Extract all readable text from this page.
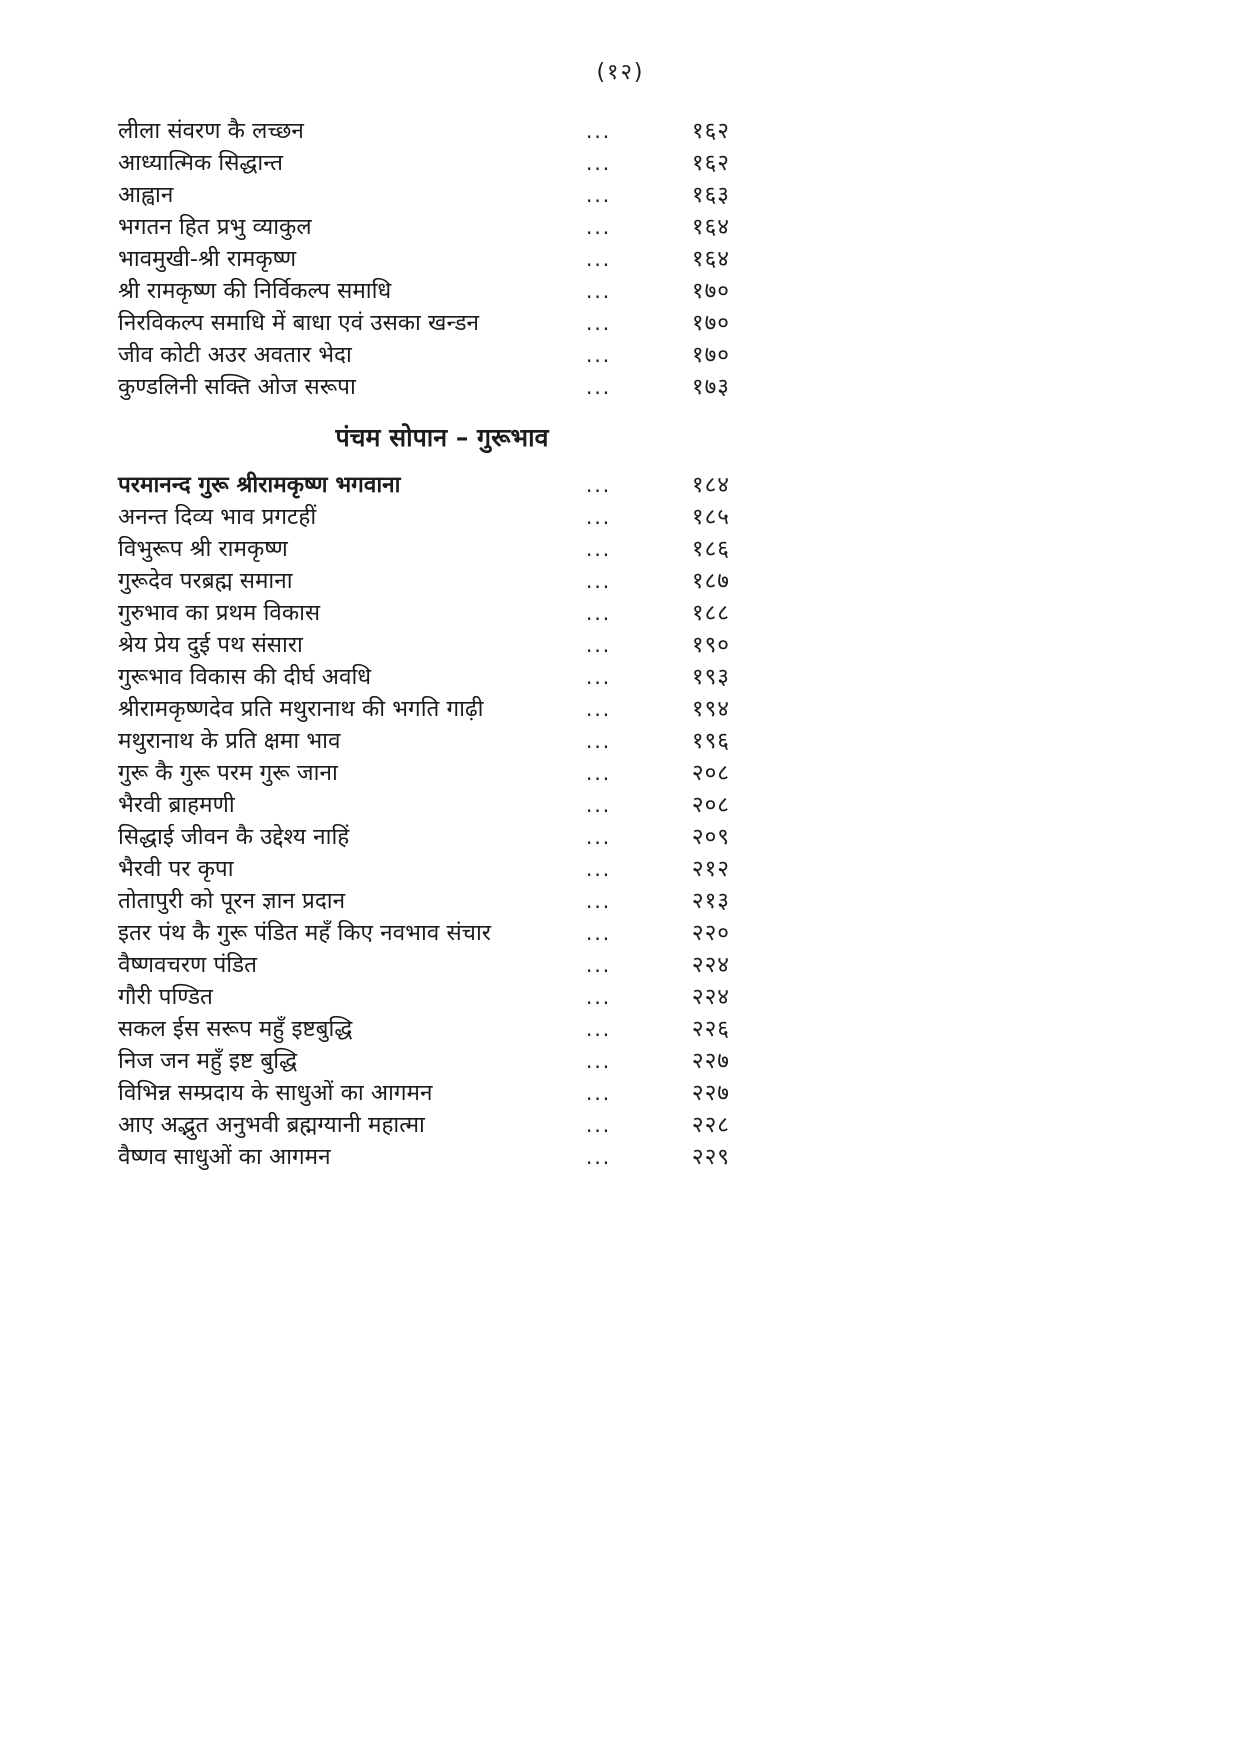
(१२)
लीला संवरण कै लच्छन	...	१६२
आध्यात्मिक सिद्धान्त	...	१६२
आह्वान	...	१६३
भगतन हित प्रभु व्याकुल	...	१६४
भावमुखी-श्री रामकृष्ण	...	१६४
श्री रामकृष्ण की निर्विकल्प समाधि	...	१७०
निरविकल्प समाधि में बाधा एवं उसका खन्डन	...	१७०
जीव कोटी अउर अवतार भेदा	...	१७०
कुण्डलिनी सक्ति ओज सरूपा	...	१७३
पंचम सोपान – गुरूभाव
परमानन्द गुरू श्रीरामकृष्ण भगवाना	...	१८४
अनन्त दिव्य भाव प्रगटहीं	...	१८५
विभुरूप श्री रामकृष्ण	...	१८६
गुरूदेव परब्रह्म समाना	...	१८७
गुरुभाव का प्रथम विकास	...	१८८
श्रेय प्रेय दुई पथ संसारा	...	१९०
गुरूभाव विकास की दीर्घ अवधि	...	१९३
श्रीरामकृष्णदेव प्रति मथुरानाथ की भगति गाढ़ी	...	१९४
मथुरानाथ के प्रति क्षमा भाव	...	१९६
गुरू कै गुरू परम गुरू जाना	...	२०८
भैरवी ब्राहमणी	...	२०८
सिद्धाई जीवन कै उद्देश्य नाहिं	...	२०९
भैरवी पर कृपा	...	२१२
तोतापुरी को पूरन ज्ञान प्रदान	...	२१३
इतर पंथ कै गुरू पंडित महँ किए नवभाव संचार	...	२२०
वैष्णवचरण पंडित	...	२२४
गौरी पण्डित	...	२२४
सकल ईस सरूप महुँ इष्टबुद्धि	...	२२६
निज जन महुँ इष्ट बुद्धि	...	२२७
विभिन्न सम्प्रदाय के साधुओं का आगमन	...	२२७
आए अद्भुत अनुभवी ब्रह्मग्यानी महात्मा	...	२२८
वैष्णव साधुओं का आगमन	...	२२९
